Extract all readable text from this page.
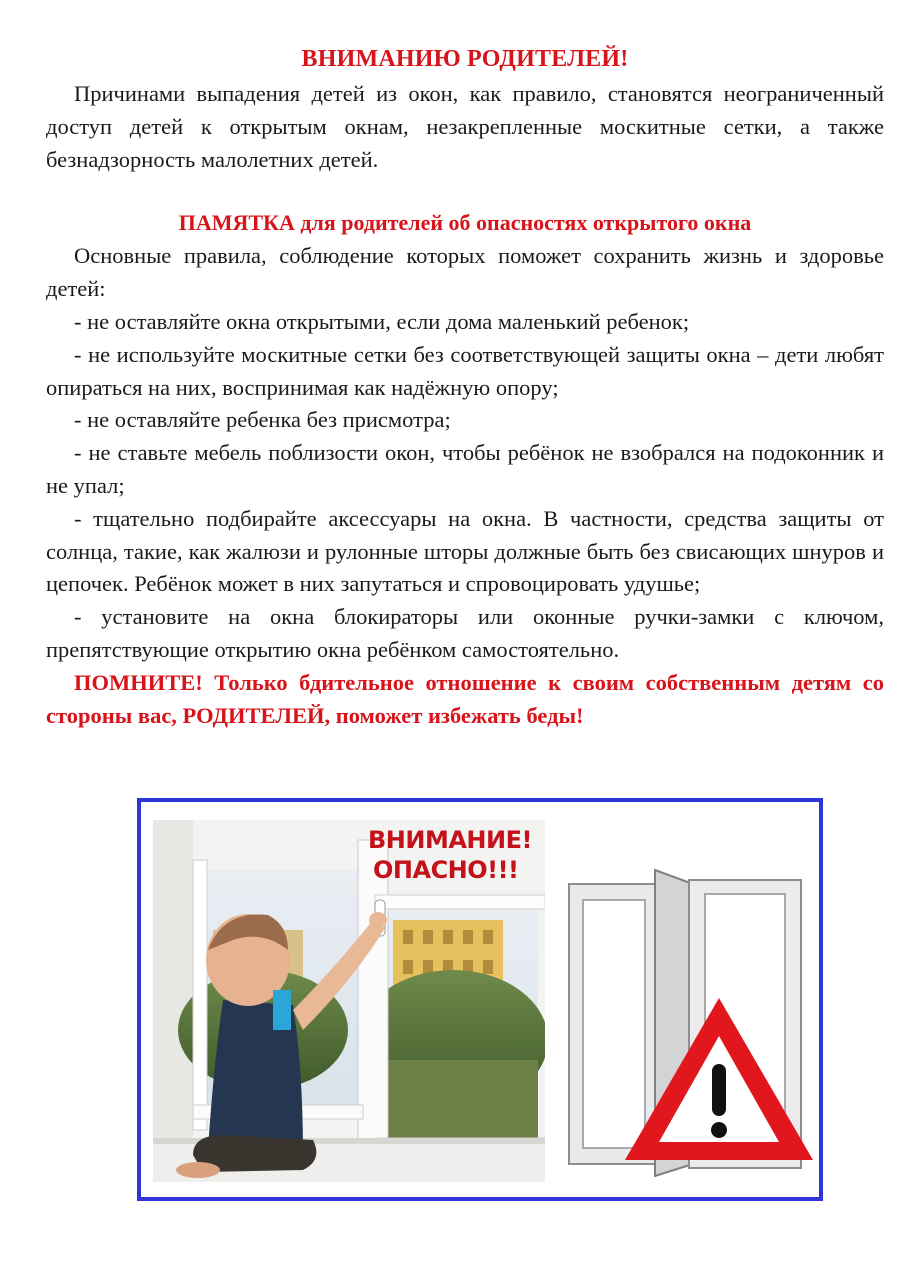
ВНИМАНИЮ РОДИТЕЛЕЙ!

Причинами выпадения детей из окон, как правило, становятся неограниченный доступ детей к открытым окнам, незакрепленные москитные сетки, а также безнадзорность малолетних детей.

ПАМЯТКА для родителей об опасностях открытого окна

Основные правила, соблюдение которых поможет сохранить жизнь и здоровье детей:

- не оставляйте окна открытыми, если дома маленький ребенок;

- не используйте москитные сетки без соответствующей защиты окна – дети любят опираться на них, воспринимая как надёжную опору;

- не оставляйте ребенка без присмотра;

- не ставьте мебель поблизости окон, чтобы ребёнок не взобрался на подоконник и не упал;

- тщательно подбирайте аксессуары на окна. В частности, средства защиты от солнца, такие, как жалюзи и рулонные шторы должные быть без свисающих шнуров и цепочек. Ребёнок может в них запутаться и спровоцировать удушье;

- установите на окна блокираторы или оконные ручки-замки с ключом, препятствующие открытию окна ребёнком самостоятельно.

ПОМНИТЕ! Только бдительное отношение к своим собственным детям со стороны вас, РОДИТЕЛЕЙ, поможет избежать беды!

ВНИМАНИЕ!
ОПАСНО!!!
